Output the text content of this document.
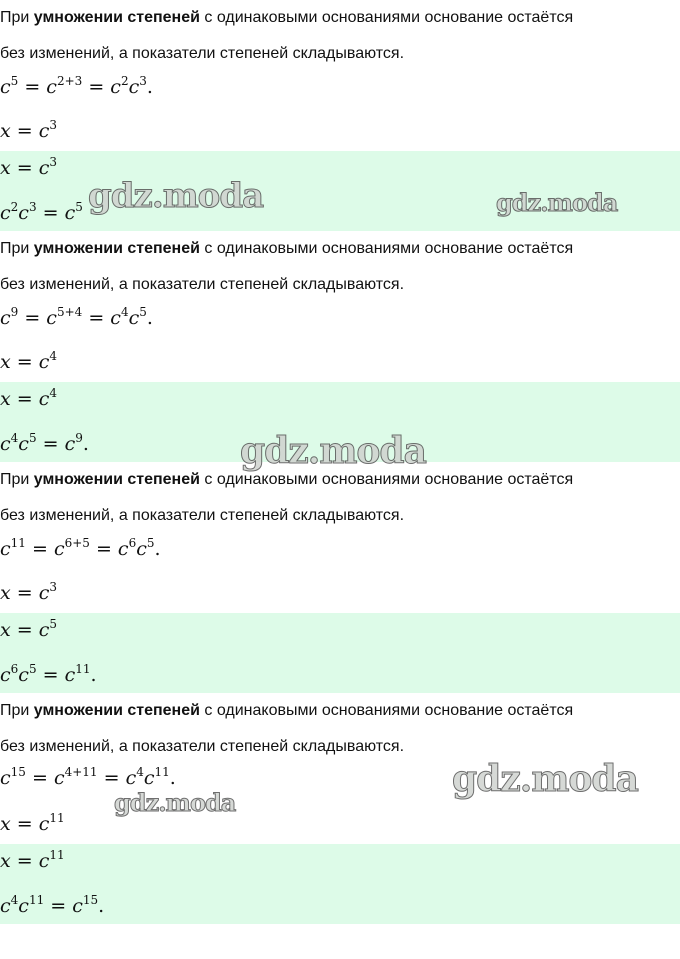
При умножении степеней с одинаковыми основаниями основание остаётся
без изменений, а показатели степеней складываются.
$c^5 = c^{2+3} = c^2c^3$.
$x = c^3$
$x = c^3$
$c^2c^3 = c^5$
При умножении степеней с одинаковыми основаниями основание остаётся
без изменений, а показатели степеней складываются.
$c^9 = c^{5+4} = c^4c^5$.
$x = c^4$
$x = c^4$
$c^4c^5 = c^9$.
При умножении степеней с одинаковыми основаниями основание остаётся
без изменений, а показатели степеней складываются.
$c^{11} = c^{6+5} = c^6c^5$.
$x = c^3$
$x = c^5$
$c^6c^5 = c^{11}$.
При умножении степеней с одинаковыми основаниями основание остаётся
без изменений, а показатели степеней складываются.
$c^{15} = c^{4+11} = c^4c^{11}$.
$x = c^{11}$
$x = c^{11}$
$c^4c^{11} = c^{15}$.
gdz.moda	gdz.moda
gdz.moda
gdz.moda
gdz.moda
